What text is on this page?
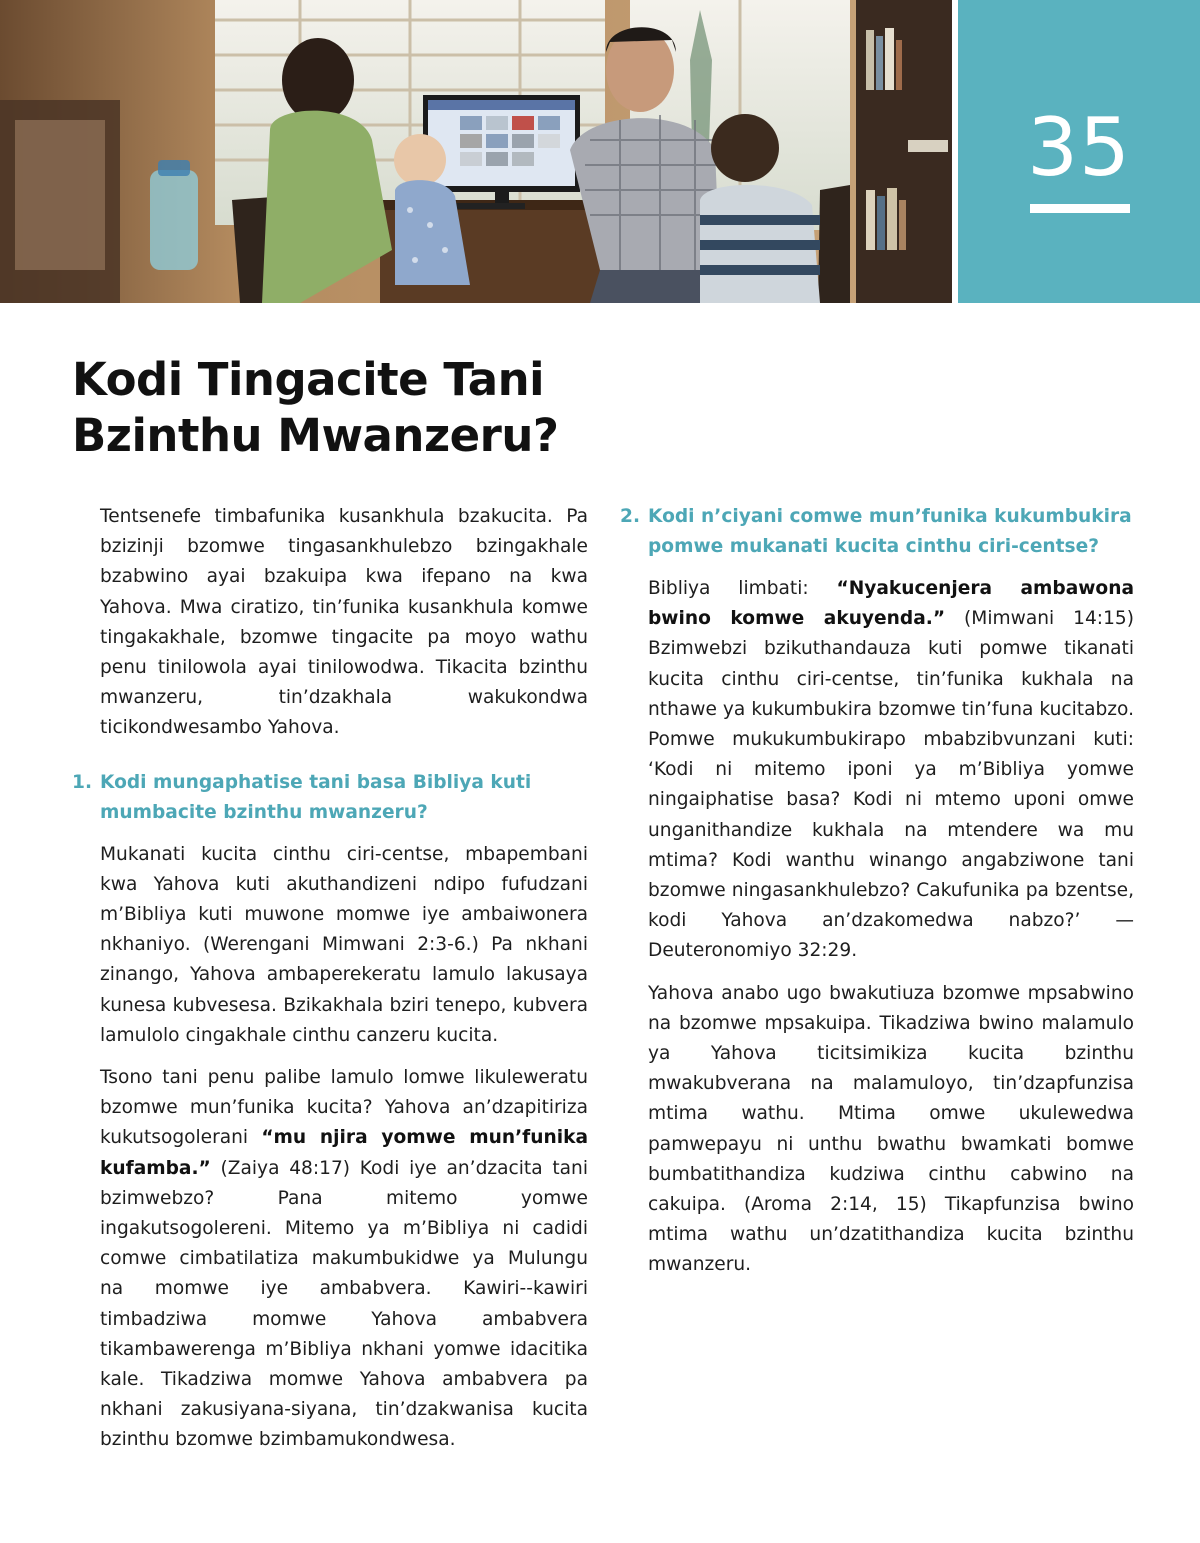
35
Kodi Tingacite Tani
Bzinthu Mwanzeru?

Tentsenefe timbafunika kusankhula bzakucita. Pa bzizinji bzomwe tingasankhulebzo bzingakhale bzabwino ayai bzakuipa kwa ifepano na kwa Yahova. Mwa ciratizo, tin’funika kusankhula komwe tingakakhale, bzomwe tingacite pa moyo wathu penu tinilowola ayai tinilowodwa. Tikacita bzinthu mwanzeru, tin’dzakhala wakukondwa ticikondwesambo Yahova.

1. Kodi mungaphatise tani basa Bibliya kuti mumbacite bzinthu mwanzeru?

Mukanati kucita cinthu ciri-centse, mbapembani kwa Yahova kuti akuthandizeni ndipo fufudzani m’Bibliya kuti muwone momwe iye ambaiwonera nkhaniyo. (Werengani Mimwani 2:3-6.) Pa nkhani zinango, Yahova ambaperekeratu lamulo lakusaya kunesa kubvesesa. Bzikakhala bziri tenepo, kubvera lamulolo cingakhale cinthu canzeru kucita.

Tsono tani penu palibe lamulo lomwe likuleweratu bzomwe mun’funika kucita? Yahova an’dzapitiriza kukutsogolerani “mu njira yomwe mun’funika kufamba.” (Zaiya 48:17) Kodi iye an’dzacita tani bzimwebzo? Pana mitemo yomwe ingakutsogolereni. Mitemo ya m’Bibliya ni cadidi comwe cimbatilatiza makumbukidwe ya Mulungu na momwe iye ambabvera. Kawiri--kawiri timbadziwa momwe Yahova ambabvera tikambawerenga m’Bibliya nkhani yomwe idacitika kale. Tikadziwa momwe Yahova ambabvera pa nkhani zakusiyana-siyana, tin’dzakwanisa kucita bzinthu bzomwe bzimbamukondwesa.

2. Kodi n’ciyani comwe mun’funika kukumbukira pomwe mukanati kucita cinthu ciri-centse?

Bibliya limbati: “Nyakucenjera ambawona bwino komwe akuyenda.” (Mimwani 14:15) Bzimwebzi bzikuthandauza kuti pomwe tikanati kucita cinthu ciri-centse, tin’funika kukhala na nthawe ya kukumbukira bzomwe tin’funa kucitabzo. Pomwe mukukumbukirapo mbabzibvunzani kuti: ‘Kodi ni mitemo iponi ya m’Bibliya yomwe ningaiphatise basa? Kodi ni mtemo uponi omwe unganithandize kukhala na mtendere wa mu mtima? Kodi wanthu winango angabziwone tani bzomwe ningasankhulebzo? Cakufunika pa bzentse, kodi Yahova an’dzakomedwa nabzo?’ — Deuteronomiyo 32:29.

Yahova anabo ugo bwakutiuza bzomwe mpsabwino na bzomwe mpsakuipa. Tikadziwa bwino malamulo ya Yahova ticitsimikiza kucita bzinthu mwakubverana na malamuloyo, tin’dzapfunzisa mtima wathu. Mtima omwe ukulewedwa pamwepayu ni unthu bwathu bwamkati bomwe bumbatithandiza kudziwa cinthu cabwino na cakuipa. (Aroma 2:14, 15) Tikapfunzisa bwino mtima wathu un’dzatithandiza kucita bzinthu mwanzeru.
